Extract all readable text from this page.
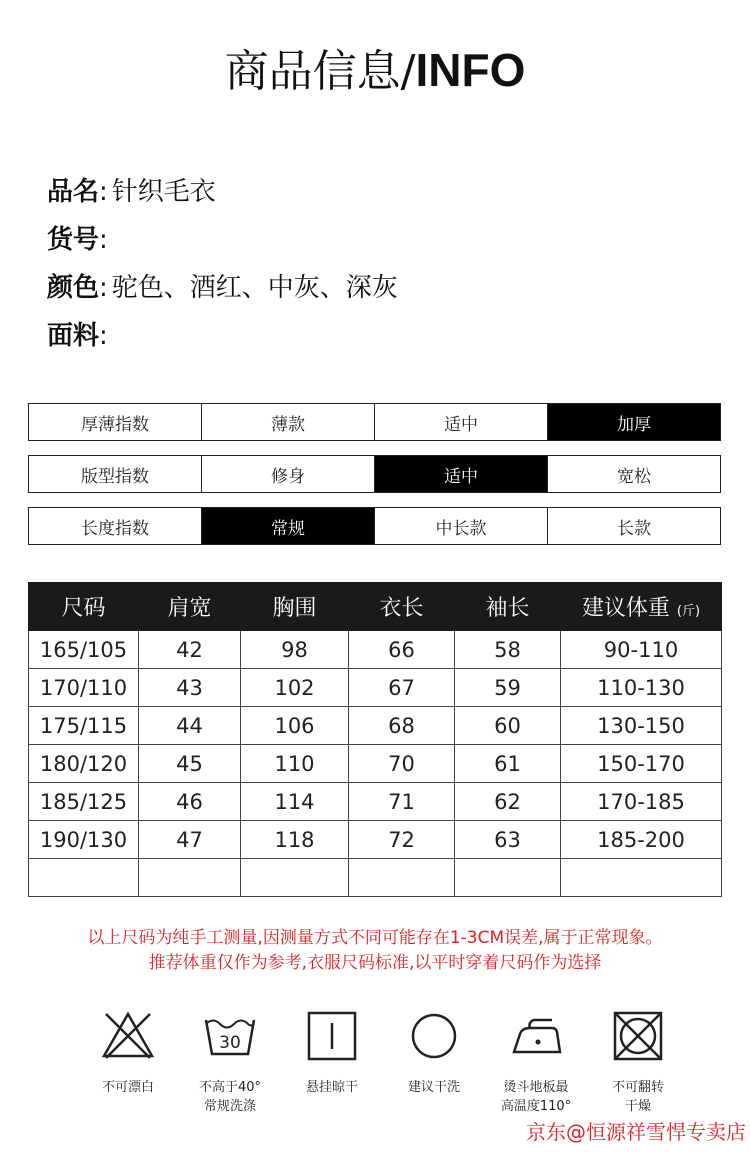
商品信息/INFO
品名: 针织毛衣
货号:
颜色: 驼色、酒红、中灰、深灰
面料:
厚薄指数	薄款	适中	加厚
版型指数	修身	适中	宽松
长度指数	常规	中长款	长款
尺码	肩宽	胸围	衣长	袖长	建议体重 (斤)
165/105	42	98	66	58	90-110
170/110	43	102	67	59	110-130
175/115	44	106	68	60	130-150
180/120	45	110	70	61	150-170
185/125	46	114	71	62	170-185
190/130	47	118	72	63	185-200

以上尺码为纯手工测量,因测量方式不同可能存在1-3CM误差,属于正常现象。
推荐体重仅作为参考,衣服尺码标准,以平时穿着尺码作为选择
不可漂白
30
不高于40°
常规洗涤
悬挂晾干	建议干洗	烫斗地板最
高温度110°
不可翻转
干燥
京东@恒源祥雪悍专卖店
